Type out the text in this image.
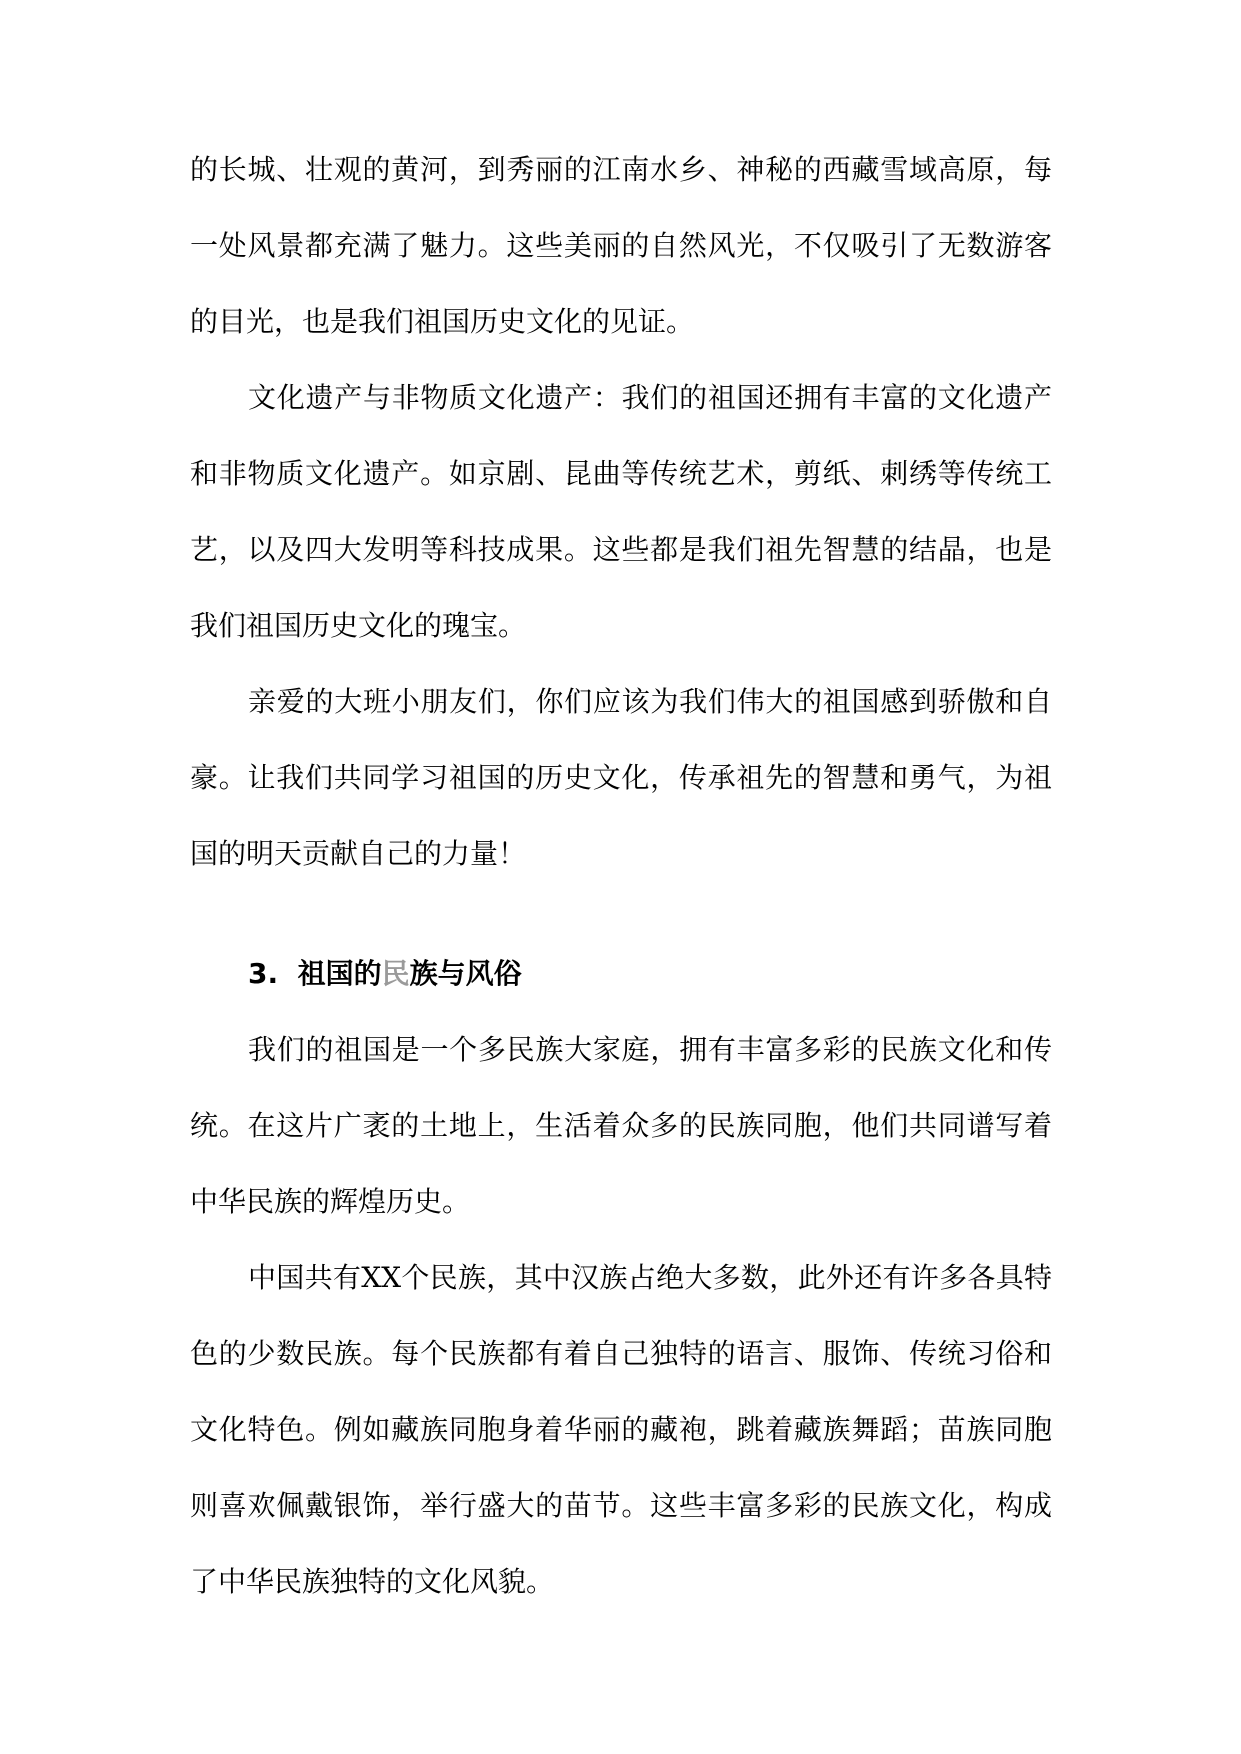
的长城、壮观的黄河，到秀丽的江南水乡、神秘的西藏雪域高原，每一处风景都充满了魅力。这些美丽的自然风光，不仅吸引了无数游客的目光，也是我们祖国历史文化的见证。

文化遗产与非物质文化遗产：我们的祖国还拥有丰富的文化遗产和非物质文化遗产。如京剧、昆曲等传统艺术，剪纸、刺绣等传统工艺，以及四大发明等科技成果。这些都是我们祖先智慧的结晶，也是我们祖国历史文化的瑰宝。

亲爱的大班小朋友们，你们应该为我们伟大的祖国感到骄傲和自豪。让我们共同学习祖国的历史文化，传承祖先的智慧和勇气，为祖国的明天贡献自己的力量！

3. 祖国的民族与风俗

我们的祖国是一个多民族大家庭，拥有丰富多彩的民族文化和传统。在这片广袤的土地上，生活着众多的民族同胞，他们共同谱写着中华民族的辉煌历史。

中国共有XX个民族，其中汉族占绝大多数，此外还有许多各具特色的少数民族。每个民族都有着自己独特的语言、服饰、传统习俗和文化特色。例如藏族同胞身着华丽的藏袍，跳着藏族舞蹈；苗族同胞则喜欢佩戴银饰，举行盛大的苗节。这些丰富多彩的民族文化，构成了中华民族独特的文化风貌。
